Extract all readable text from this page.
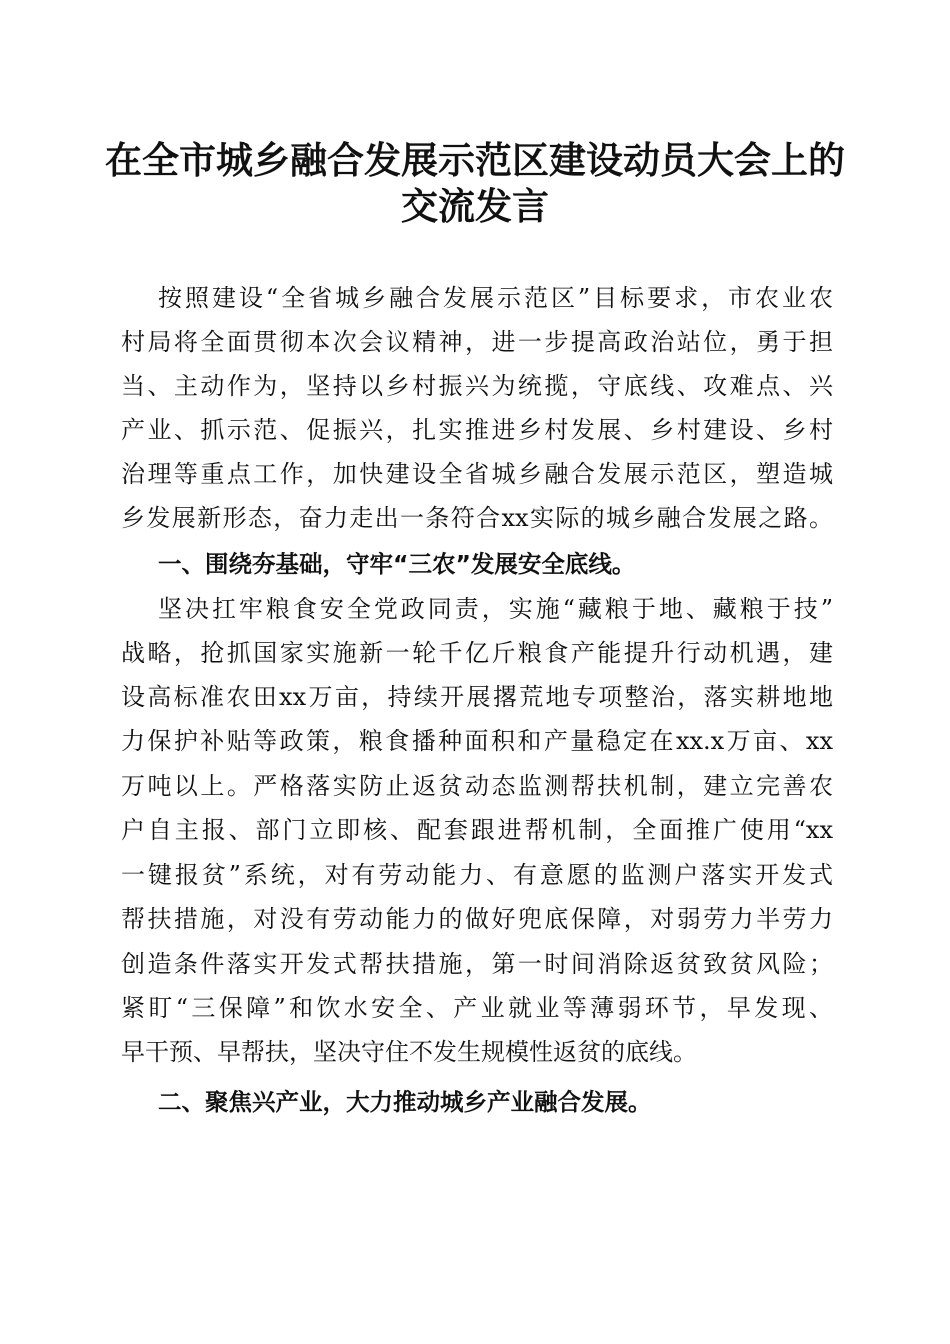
在全市城乡融合发展示范区建设动员大会上的
交流发言
按照建设“全省城乡融合发展示范区”目标要求，市农业农
村局将全面贯彻本次会议精神，进一步提高政治站位，勇于担
当、主动作为，坚持以乡村振兴为统揽，守底线、攻难点、兴
产业、抓示范、促振兴，扎实推进乡村发展、乡村建设、乡村
治理等重点工作，加快建设全省城乡融合发展示范区，塑造城
乡发展新形态，奋力走出一条符合xx实际的城乡融合发展之路。
一、围绕夯基础，守牢“三农”发展安全底线。
坚决扛牢粮食安全党政同责，实施“藏粮于地、藏粮于技”
战略，抢抓国家实施新一轮千亿斤粮食产能提升行动机遇，建
设高标准农田xx万亩，持续开展撂荒地专项整治，落实耕地地
力保护补贴等政策，粮食播种面积和产量稳定在xx.x万亩、xx
万吨以上。严格落实防止返贫动态监测帮扶机制，建立完善农
户自主报、部门立即核、配套跟进帮机制，全面推广使用“xx
一键报贫”系统，对有劳动能力、有意愿的监测户落实开发式
帮扶措施，对没有劳动能力的做好兜底保障，对弱劳力半劳力
创造条件落实开发式帮扶措施，第一时间消除返贫致贫风险；
紧盯“三保障”和饮水安全、产业就业等薄弱环节，早发现、
早干预、早帮扶，坚决守住不发生规模性返贫的底线。
二、聚焦兴产业，大力推动城乡产业融合发展。
